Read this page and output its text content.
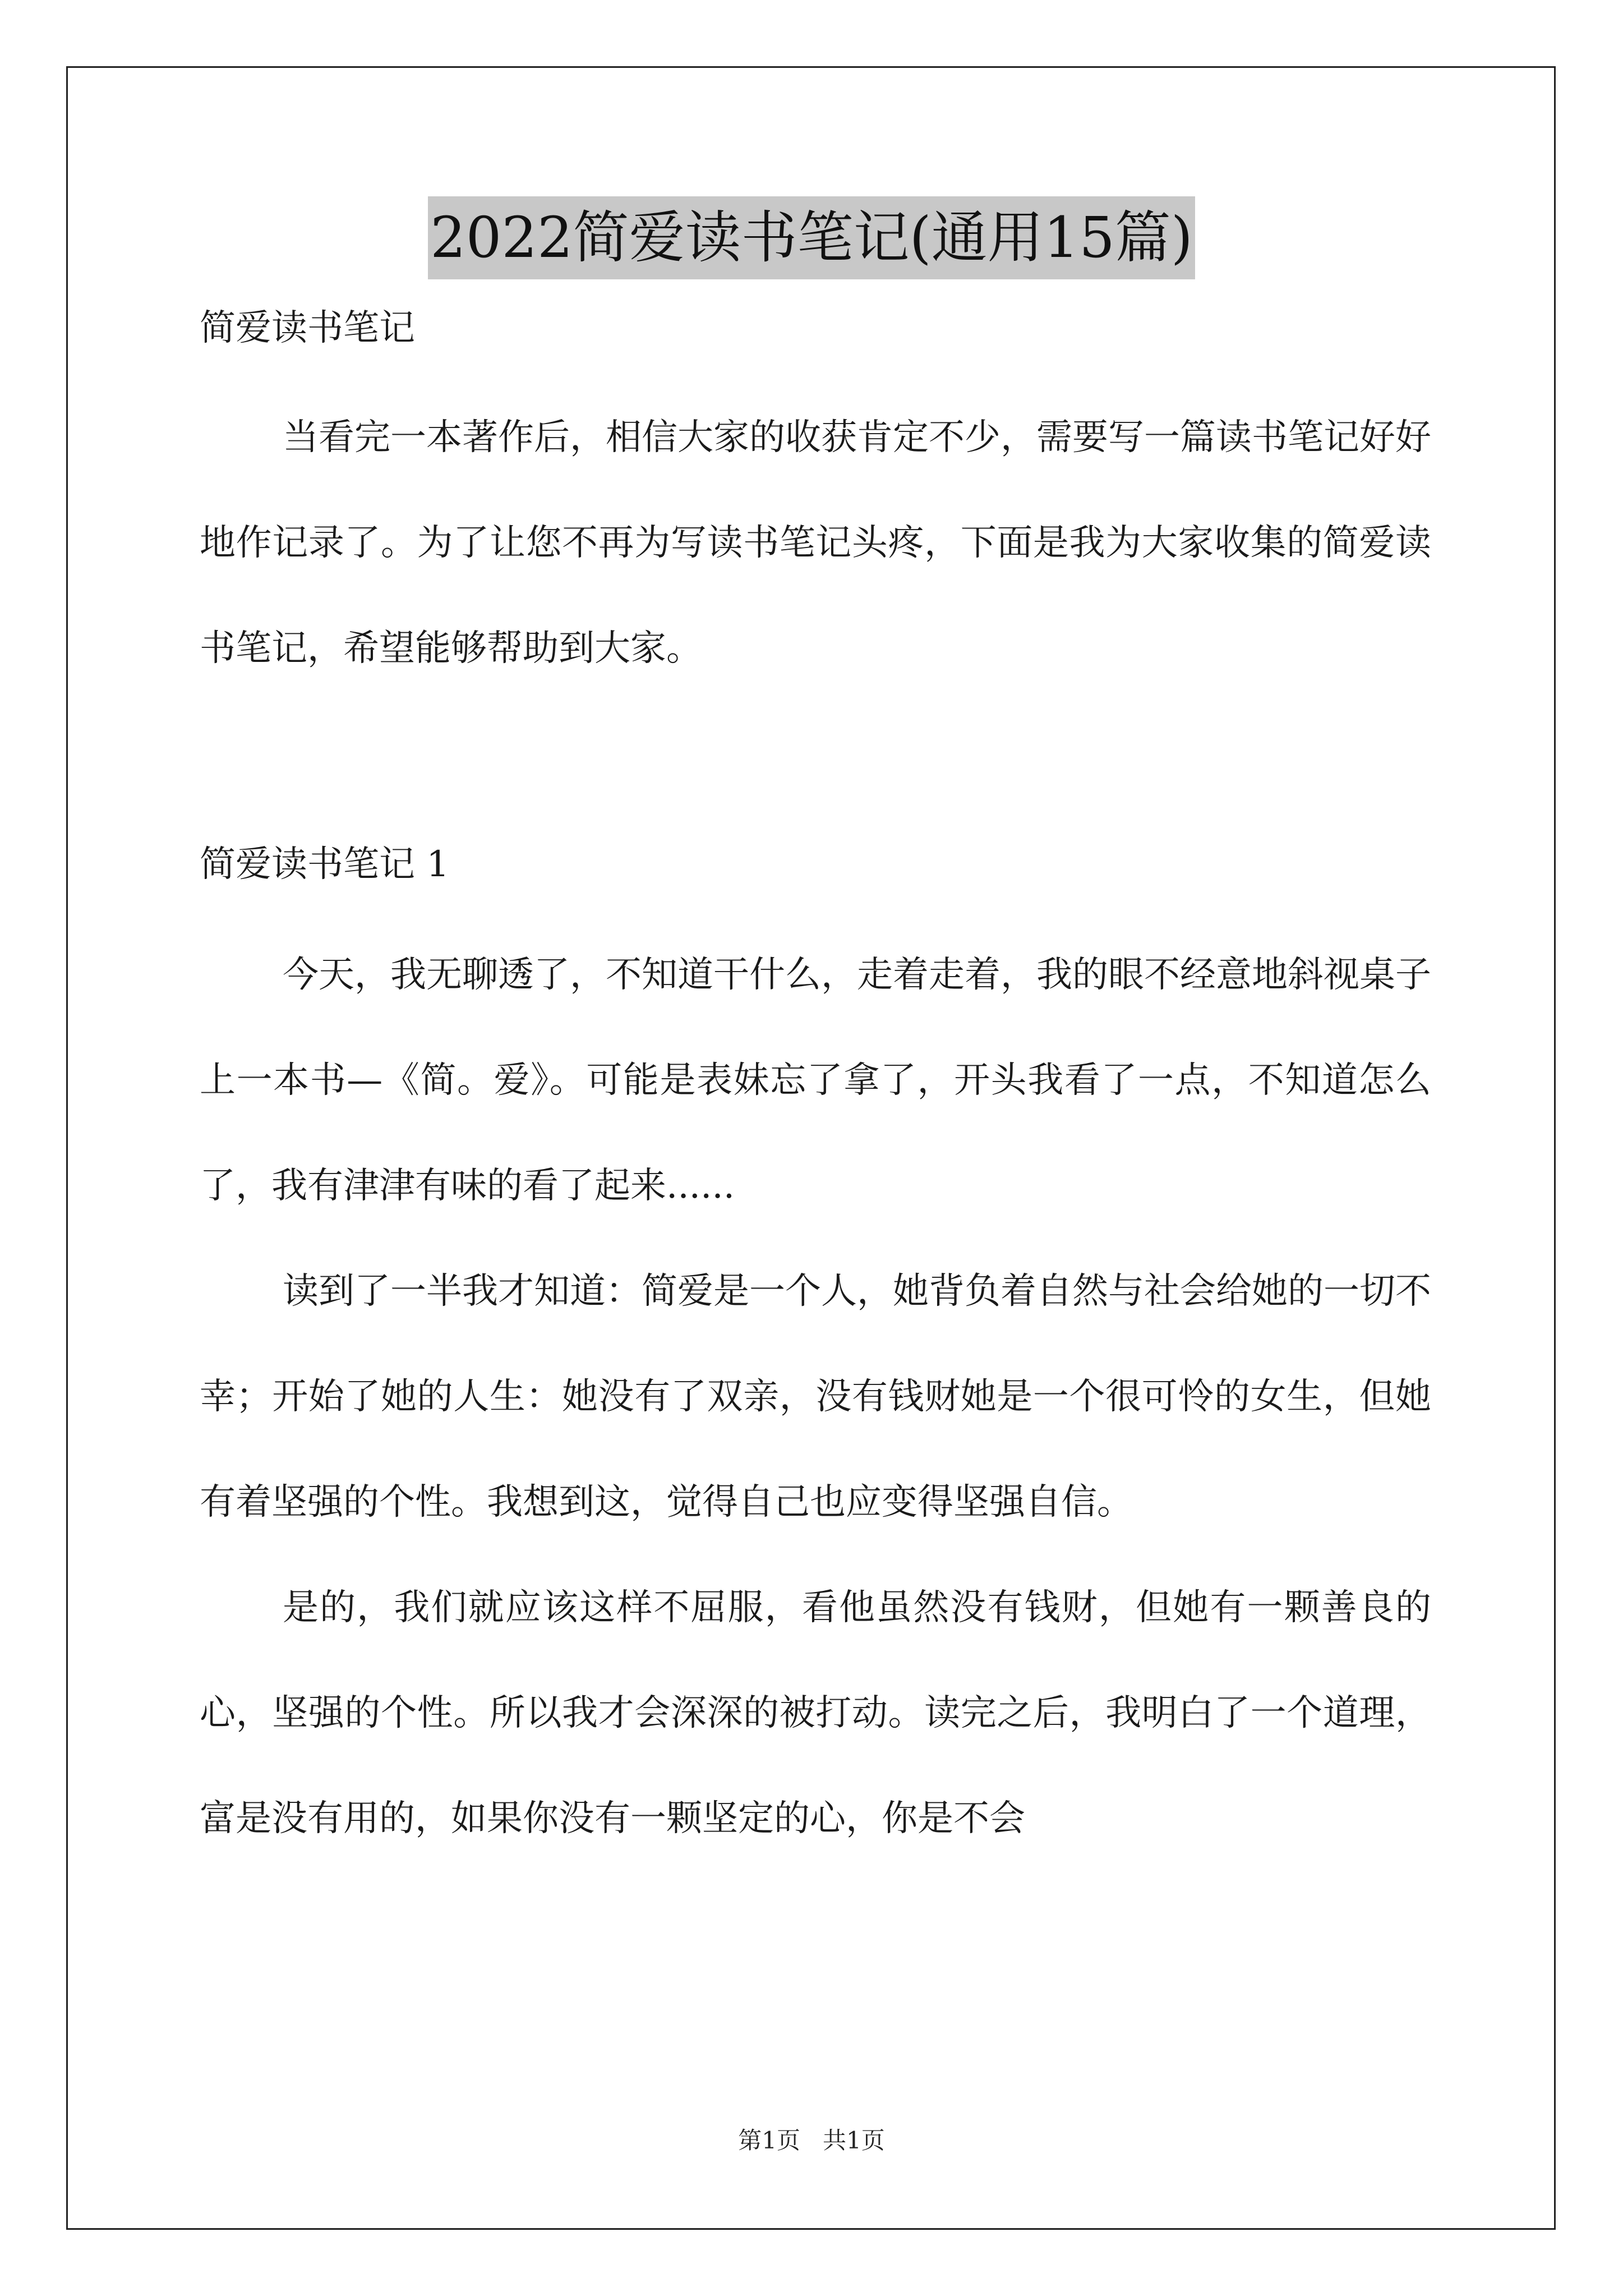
2022简爱读书笔记(通用15篇)
简爱读书笔记

当看完一本著作后，相信大家的收获肯定不少，需要写一篇读书笔记好好地作记录了。为了让您不再为写读书笔记头疼，下面是我为大家收集的简爱读书笔记，希望能够帮助到大家。

简爱读书笔记 1

今天，我无聊透了，不知道干什么，走着走着，我的眼不经意地斜视桌子上一本书—《简。爱》。可能是表妹忘了拿了，开头我看了一点，不知道怎么了，我有津津有味的看了起来......

读到了一半我才知道：简爱是一个人，她背负着自然与社会给她的一切不幸；开始了她的人生：她没有了双亲，没有钱财她是一个很可怜的女生，但她有着坚强的个性。我想到这，觉得自己也应变得坚强自信。

是的，我们就应该这样不屈服，看他虽然没有钱财，但她有一颗善良的心，坚强的个性。所以我才会深深的被打动。读完之后，我明白了一个道理，富是没有用的，如果你没有一颗坚定的心，你是不会

第1页 共1页
